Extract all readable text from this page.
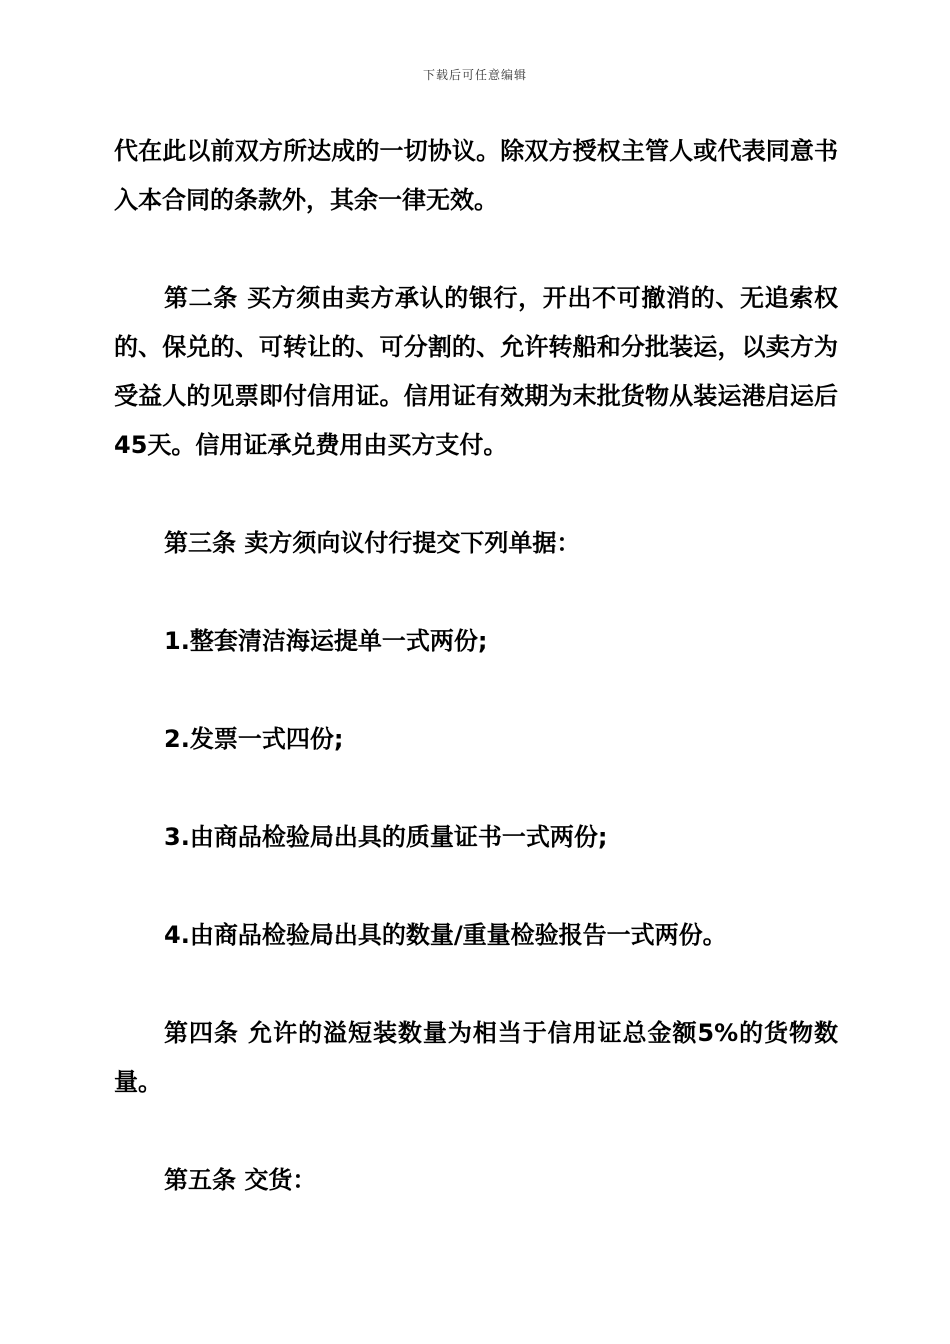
下载后可任意编辑

代在此以前双方所达成的一切协议。除双方授权主管人或代表同意书入本合同的条款外，其余一律无效。

第二条 买方须由卖方承认的银行，开出不可撤消的、无追索权的、保兑的、可转让的、可分割的、允许转船和分批装运，以卖方为受益人的见票即付信用证。信用证有效期为末批货物从装运港启运后45天。信用证承兑费用由买方支付。

第三条 卖方须向议付行提交下列单据：

1.整套清洁海运提单一式两份;

2.发票一式四份;

3.由商品检验局出具的质量证书一式两份;

4.由商品检验局出具的数量/重量检验报告一式两份。

第四条 允许的溢短装数量为相当于信用证总金额5%的货物数量。

第五条 交货：
